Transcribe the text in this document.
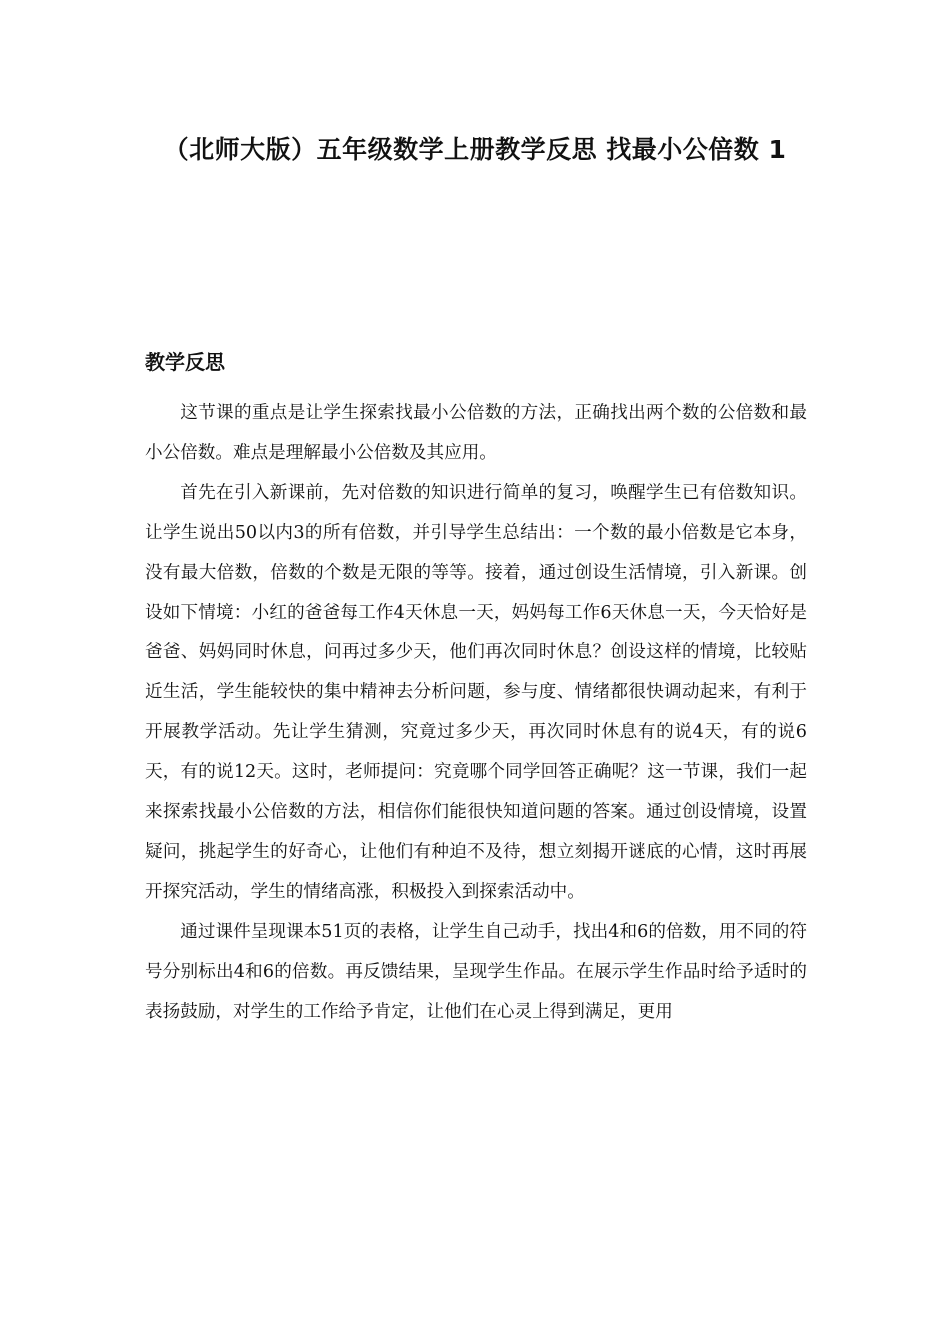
（北师大版）五年级数学上册教学反思 找最小公倍数 1
教学反思

这节课的重点是让学生探索找最小公倍数的方法，正确找出两个数的公倍数和最小公倍数。难点是理解最小公倍数及其应用。

首先在引入新课前，先对倍数的知识进行简单的复习，唤醒学生已有倍数知识。让学生说出50以内3的所有倍数，并引导学生总结出：一个数的最小倍数是它本身，没有最大倍数，倍数的个数是无限的等等。接着，通过创设生活情境，引入新课。创设如下情境：小红的爸爸每工作4天休息一天，妈妈每工作6天休息一天，今天恰好是爸爸、妈妈同时休息，问再过多少天，他们再次同时休息？创设这样的情境，比较贴近生活，学生能较快的集中精神去分析问题，参与度、情绪都很快调动起来，有利于开展教学活动。先让学生猜测，究竟过多少天，再次同时休息有的说4天，有的说6天，有的说12天。这时，老师提问：究竟哪个同学回答正确呢？这一节课，我们一起来探索找最小公倍数的方法，相信你们能很快知道问题的答案。通过创设情境，设置疑问，挑起学生的好奇心，让他们有种迫不及待，想立刻揭开谜底的心情，这时再展开探究活动，学生的情绪高涨，积极投入到探索活动中。

通过课件呈现课本51页的表格，让学生自己动手，找出4和6的倍数，用不同的符号分别标出4和6的倍数。再反馈结果，呈现学生作品。在展示学生作品时给予适时的表扬鼓励，对学生的工作给予肯定，让他们在心灵上得到满足，更用
